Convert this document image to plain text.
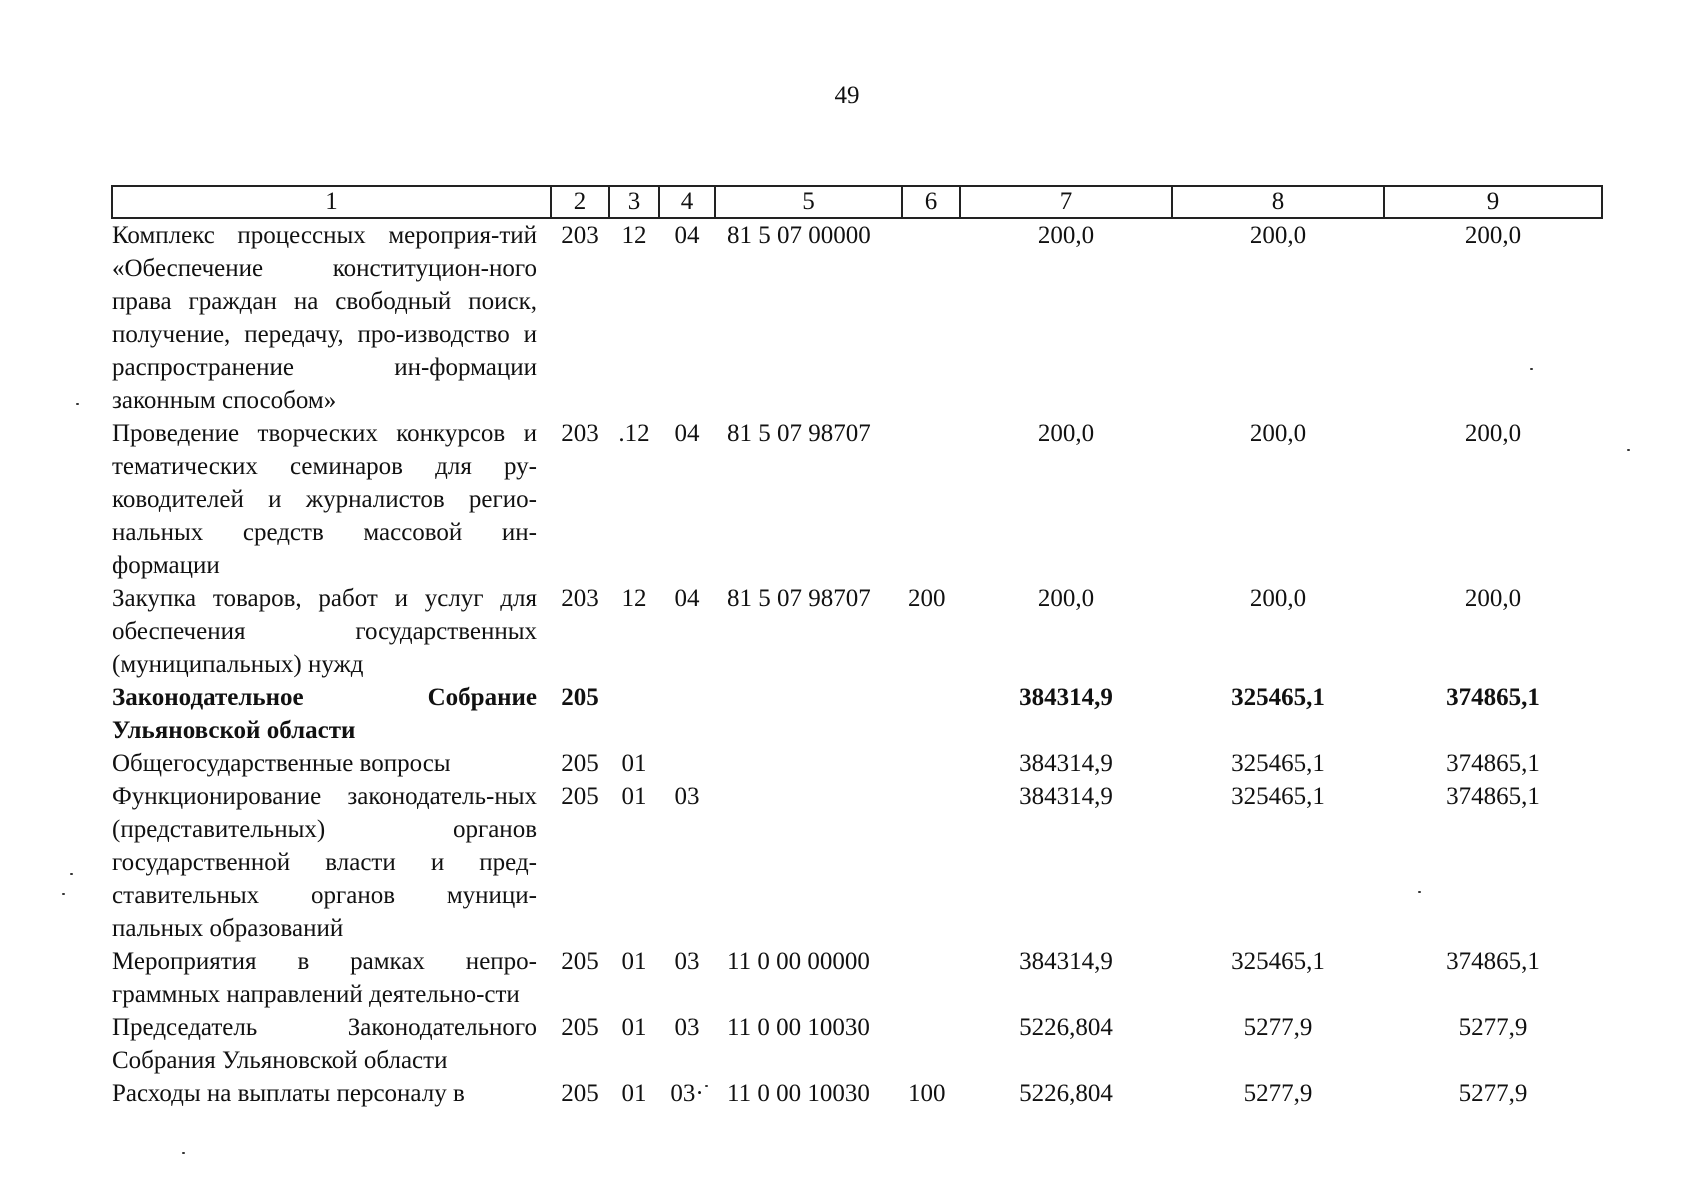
49
1	2	3	4	5	6	7	8	9
Комплекс процессных мероприя-тий «Обеспечение конституцион-ного права граждан на свободный поиск, получение, передачу, про-изводство и распространение ин-формации законным способом»	203	12	04	81 5 07 00000		200,0	200,0	200,0
Проведение творческих конкурсов и тематических семинаров для ру-ководителей и журналистов регио-нальных средств массовой ин-формации	203	.12	04	81 5 07 98707		200,0	200,0	200,0
Закупка товаров, работ и услуг для обеспечения государственных (муниципальных) нужд	203	12	04	81 5 07 98707	200	200,0	200,0	200,0
Законодательное Собрание Ульяновской области	205					384314,9	325465,1	374865,1
Общегосударственные вопросы	205	01				384314,9	325465,1	374865,1
Функционирование законодатель-ных (представительных) органов государственной власти и пред-ставительных органов муници-пальных образований	205	01	03			384314,9	325465,1	374865,1
Мероприятия в рамках непро-граммных направлений деятельно-сти	205	01	03	11 0 00 00000		384314,9	325465,1	374865,1
Председатель Законодательного Собрания Ульяновской области	205	01	03	11 0 00 10030		5226,804	5277,9	5277,9
Расходы на выплаты персоналу в	205	01	03·	11 0 00 10030	100	5226,804	5277,9	5277,9
